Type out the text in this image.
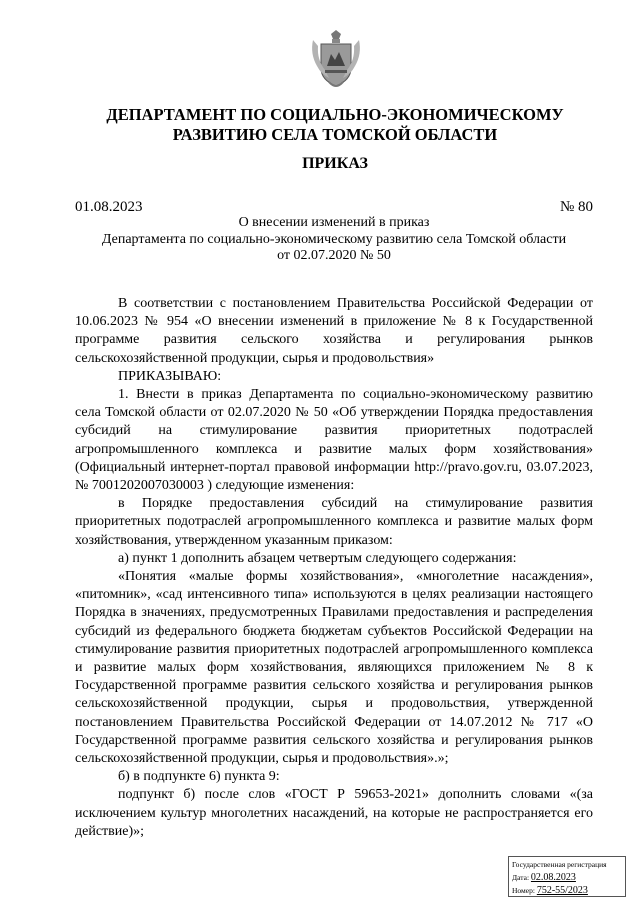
ДЕПАРТАМЕНТ ПО СОЦИАЛЬНО-ЭКОНОМИЧЕСКОМУ
РАЗВИТИЮ СЕЛА ТОМСКОЙ ОБЛАСТИ
ПРИКАЗ
01.08.2023	№ 80
О внесении изменений в приказ
Департамента по социально-экономическому развитию села Томской области
от 02.07.2020 № 50

В соответствии с постановлением Правительства Российской Федерации от 10.06.2023 № 954 «О внесении изменений в приложение № 8 к Государственной программе развития сельского хозяйства и регулирования рынков сельскохозяйственной продукции, сырья и продовольствия»

ПРИКАЗЫВАЮ:

1. Внести в приказ Департамента по социально-экономическому развитию села Томской области от 02.07.2020 № 50 «Об утверждении Порядка предоставления субсидий на стимулирование развития приоритетных подотраслей агропромышленного комплекса и развитие малых форм хозяйствования» (Официальный интернет-портал правовой информации http://pravo.gov.ru, 03.07.2023, № 7001202007030003 ) следующие изменения:

в Порядке предоставления субсидий на стимулирование развития приоритетных подотраслей агропромышленного комплекса и развитие малых форм хозяйствования, утвержденном указанным приказом:

а) пункт 1 дополнить абзацем четвертым следующего содержания:

«Понятия «малые формы хозяйствования», «многолетние насаждения», «питомник», «сад интенсивного типа» используются в целях реализации настоящего Порядка в значениях, предусмотренных Правилами предоставления и распределения субсидий из федерального бюджета бюджетам субъектов Российской Федерации на стимулирование развития приоритетных подотраслей агропромышленного комплекса и развитие малых форм хозяйствования, являющихся приложением № 8 к Государственной программе развития сельского хозяйства и регулирования рынков сельскохозяйственной продукции, сырья и продовольствия, утвержденной постановлением Правительства Российской Федерации от 14.07.2012 № 717 «О Государственной программе развития сельского хозяйства и регулирования рынков сельскохозяйственной продукции, сырья и продовольствия».»;

б) в подпункте 6) пункта 9:

подпункт б) после слов «ГОСТ Р 59653-2021» дополнить словами «(за исключением культур многолетних насаждений, на которые не распространяется его действие)»;

Государственная регистрация
Дата: 02.08.2023
Номер: 752-55/2023
